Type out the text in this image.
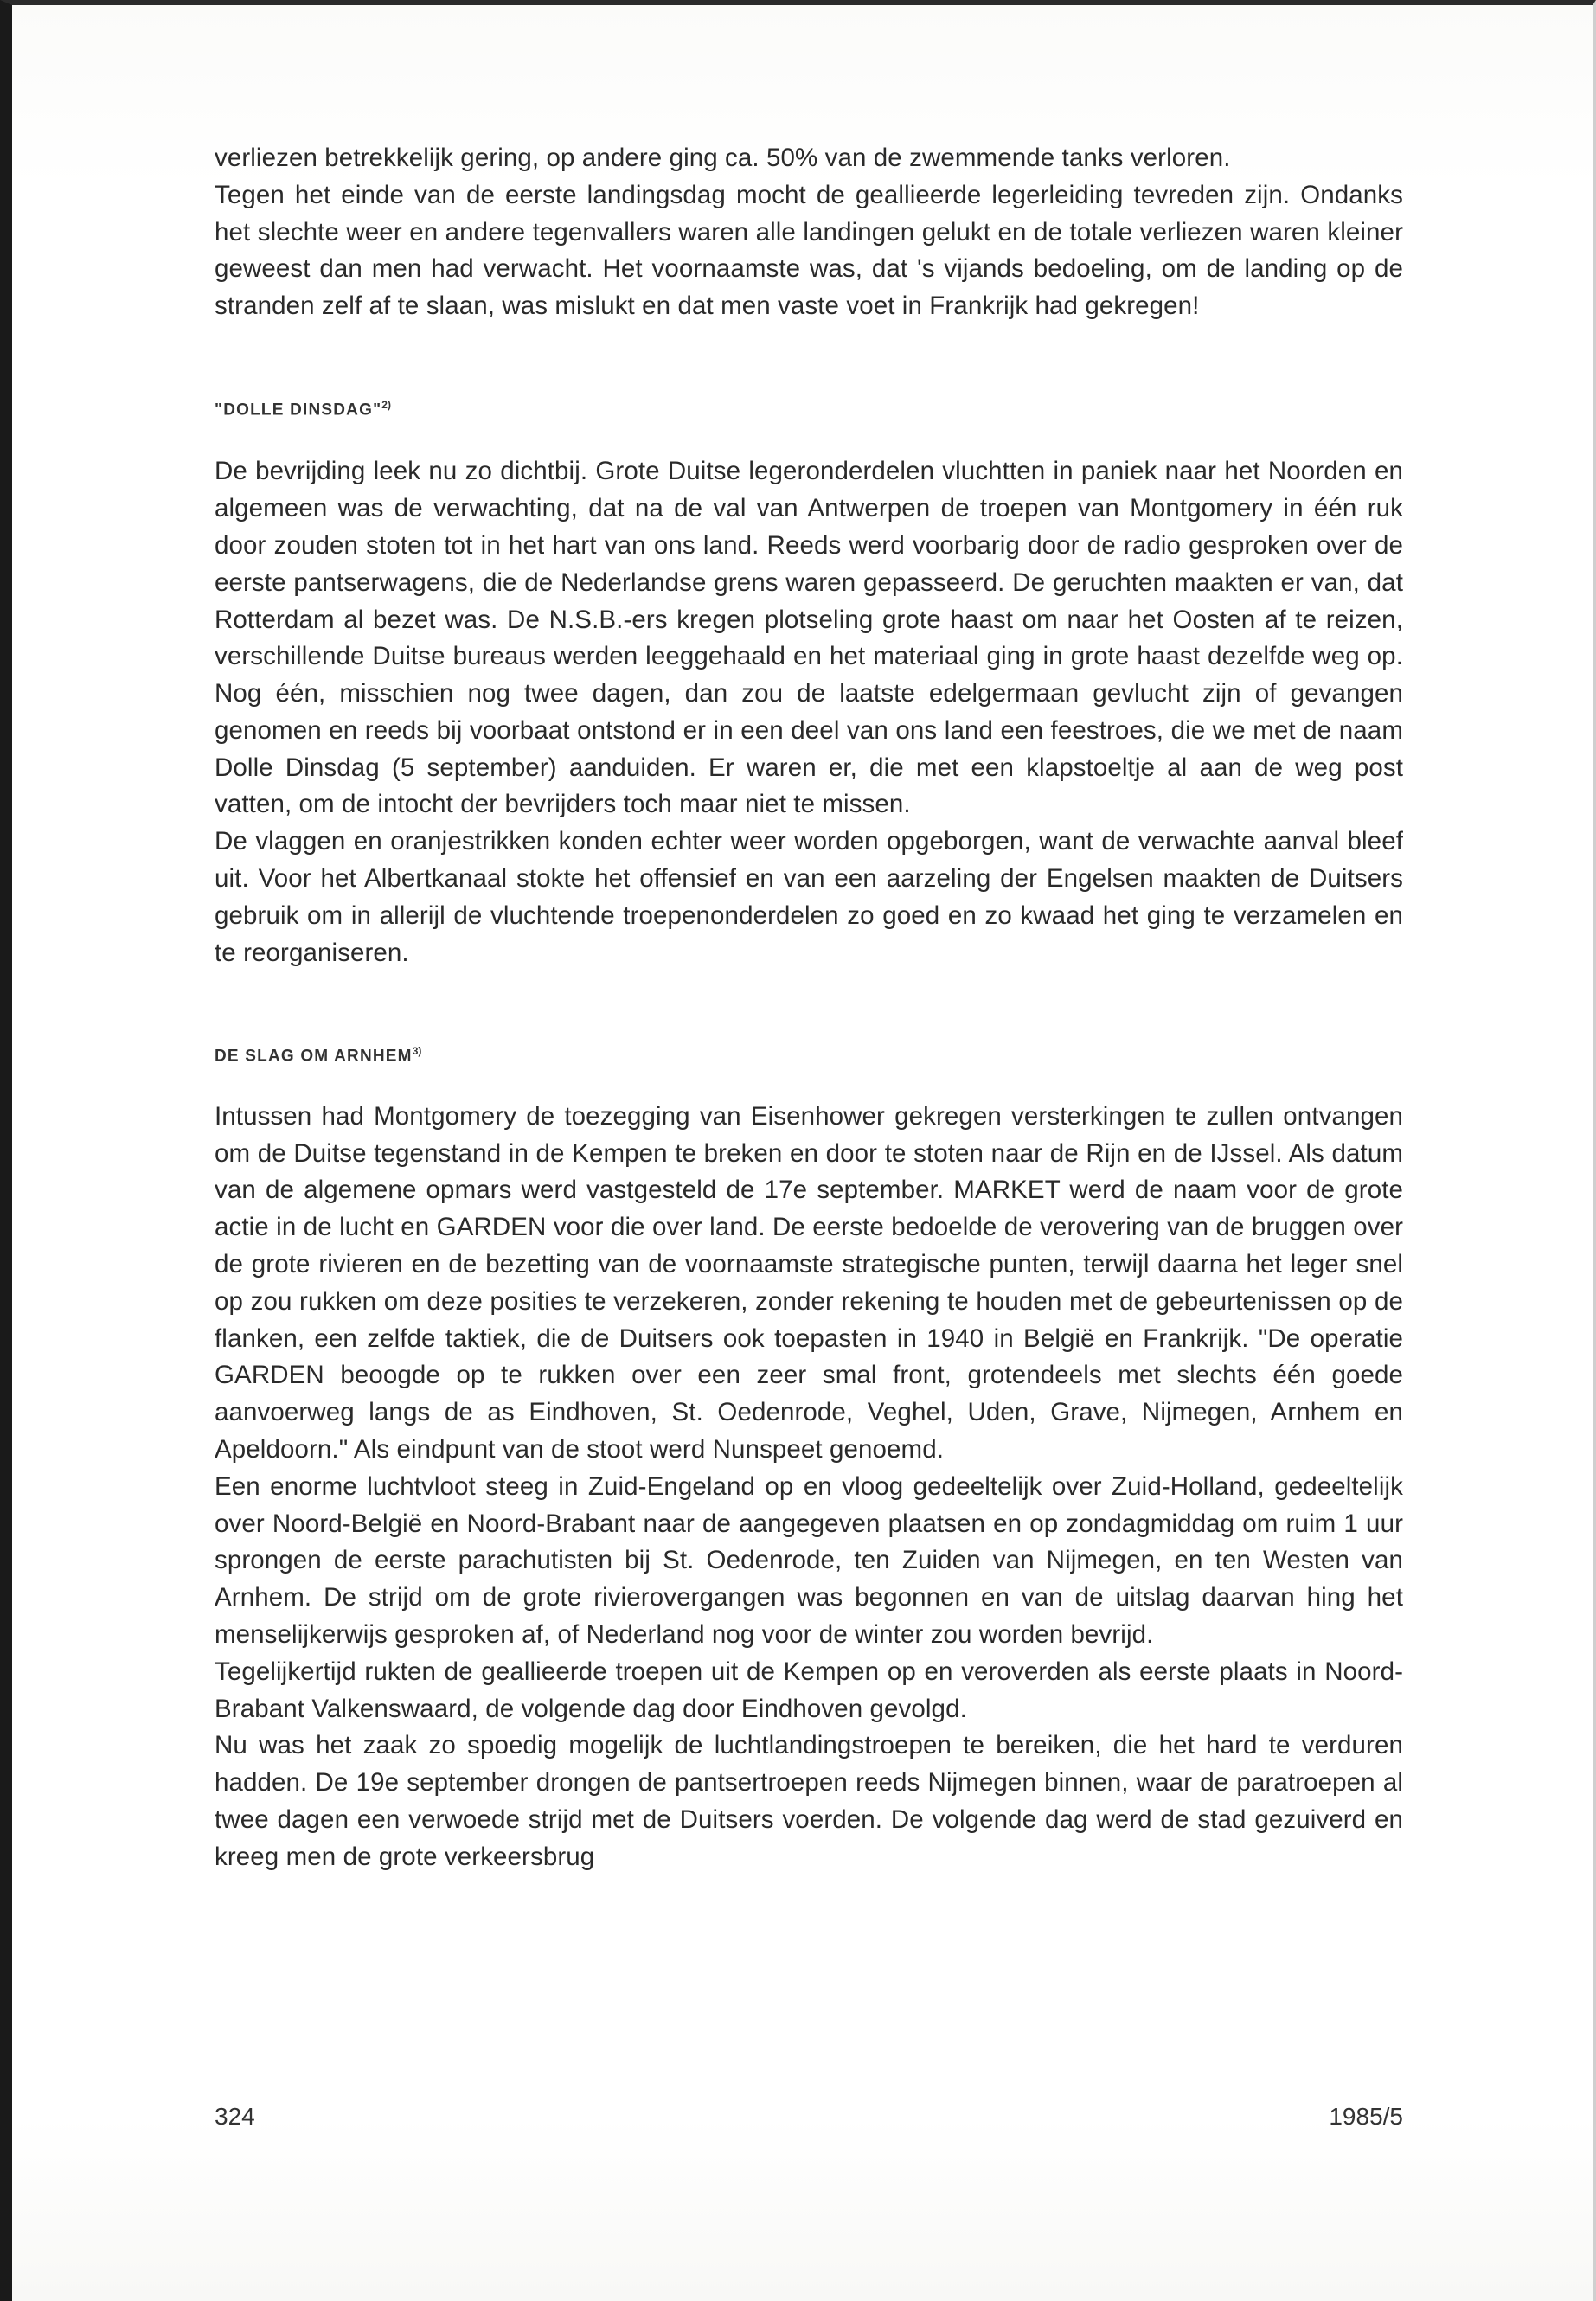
verliezen betrekkelijk gering, op andere ging ca. 50% van de zwemmende tanks verloren.

Tegen het einde van de eerste landingsdag mocht de geallieerde legerleiding tevreden zijn. Ondanks het slechte weer en andere tegenvallers waren alle landingen gelukt en de totale verliezen waren kleiner geweest dan men had verwacht. Het voornaamste was, dat 's vijands bedoeling, om de landing op de stranden zelf af te slaan, was mislukt en dat men vaste voet in Frankrijk had gekregen!

"DOLLE DINSDAG"$^{2)}$

De bevrijding leek nu zo dichtbij. Grote Duitse legeronderdelen vluchtten in paniek naar het Noorden en algemeen was de verwachting, dat na de val van Antwerpen de troepen van Montgomery in één ruk door zouden stoten tot in het hart van ons land. Reeds werd voorbarig door de radio gesproken over de eerste pantserwagens, die de Nederlandse grens waren gepasseerd. De geruchten maakten er van, dat Rotterdam al bezet was. De N.S.B.-ers kregen plotseling grote haast om naar het Oosten af te reizen, verschillende Duitse bureaus werden leeggehaald en het materiaal ging in grote haast dezelfde weg op. Nog één, misschien nog twee dagen, dan zou de laatste edelgermaan gevlucht zijn of gevangen genomen en reeds bij voorbaat ontstond er in een deel van ons land een feestroes, die we met de naam Dolle Dinsdag (5 september) aanduiden. Er waren er, die met een klapstoeltje al aan de weg post vatten, om de intocht der bevrijders toch maar niet te missen.

De vlaggen en oranjestrikken konden echter weer worden opgeborgen, want de verwachte aanval bleef uit. Voor het Albertkanaal stokte het offensief en van een aarzeling der Engelsen maakten de Duitsers gebruik om in allerijl de vluchtende troepenonderdelen zo goed en zo kwaad het ging te verzamelen en te reorganiseren.

DE SLAG OM ARNHEM$^{3)}$

Intussen had Montgomery de toezegging van Eisenhower gekregen versterkingen te zullen ontvangen om de Duitse tegenstand in de Kempen te breken en door te stoten naar de Rijn en de IJssel. Als datum van de algemene opmars werd vastgesteld de 17e september. MARKET werd de naam voor de grote actie in de lucht en GARDEN voor die over land. De eerste bedoelde de verovering van de bruggen over de grote rivieren en de bezetting van de voornaamste strategische punten, terwijl daarna het leger snel op zou rukken om deze posities te verzekeren, zonder rekening te houden met de gebeurtenissen op de flanken, een zelfde taktiek, die de Duitsers ook toepasten in 1940 in België en Frankrijk. "De operatie GARDEN beoogde op te rukken over een zeer smal front, grotendeels met slechts één goede aanvoerweg langs de as Eindhoven, St. Oedenrode, Veghel, Uden, Grave, Nijmegen, Arnhem en Apeldoorn." Als eindpunt van de stoot werd Nunspeet genoemd.

Een enorme luchtvloot steeg in Zuid-Engeland op en vloog gedeeltelijk over Zuid-Holland, gedeeltelijk over Noord-België en Noord-Brabant naar de aangegeven plaatsen en op zondagmiddag om ruim 1 uur sprongen de eerste parachutisten bij St. Oedenrode, ten Zuiden van Nijmegen, en ten Westen van Arnhem. De strijd om de grote rivierovergangen was begonnen en van de uitslag daarvan hing het menselijkerwijs gesproken af, of Nederland nog voor de winter zou worden bevrijd.

Tegelijkertijd rukten de geallieerde troepen uit de Kempen op en veroverden als eerste plaats in Noord-Brabant Valkenswaard, de volgende dag door Eindhoven gevolgd.

Nu was het zaak zo spoedig mogelijk de luchtlandingstroepen te bereiken, die het hard te verduren hadden. De 19e september drongen de pantsertroepen reeds Nijmegen binnen, waar de paratroepen al twee dagen een verwoede strijd met de Duitsers voerden. De volgende dag werd de stad gezuiverd en kreeg men de grote verkeersbrug

324	1985/5
